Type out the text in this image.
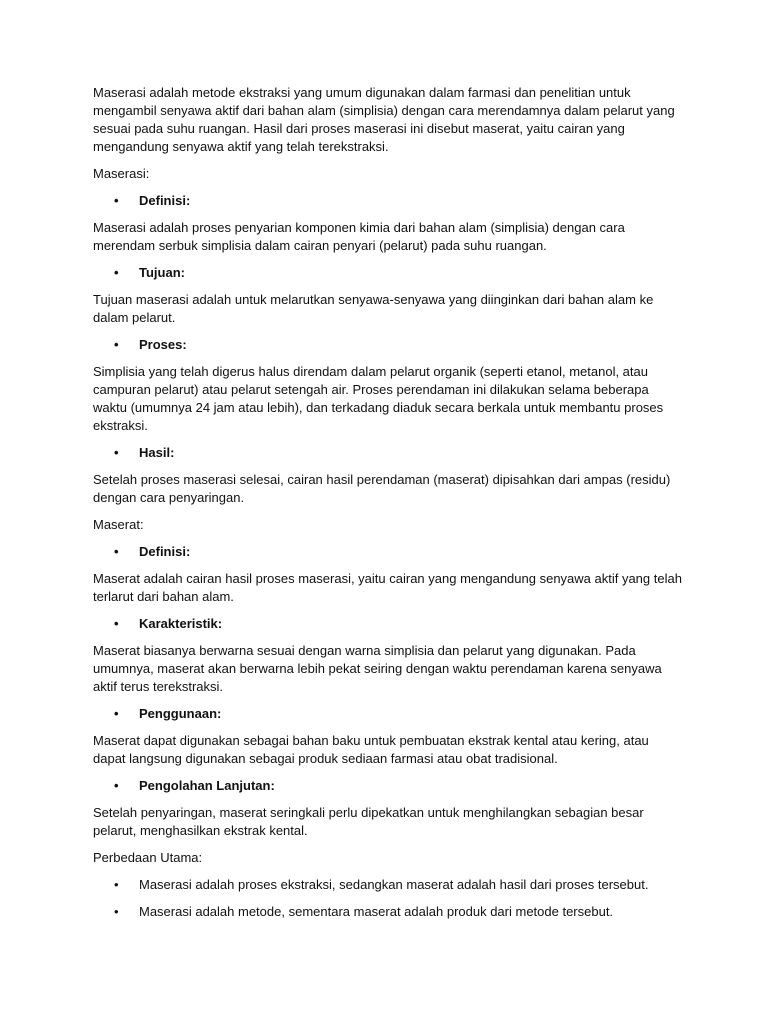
Maserasi adalah metode ekstraksi yang umum digunakan dalam farmasi dan penelitian untuk mengambil senyawa aktif dari bahan alam (simplisia) dengan cara merendamnya dalam pelarut yang sesuai pada suhu ruangan. Hasil dari proses maserasi ini disebut maserat, yaitu cairan yang mengandung senyawa aktif yang telah terekstraksi.

Maserasi:

• Definisi:

Maserasi adalah proses penyarian komponen kimia dari bahan alam (simplisia) dengan cara merendam serbuk simplisia dalam cairan penyari (pelarut) pada suhu ruangan.

• Tujuan:

Tujuan maserasi adalah untuk melarutkan senyawa-senyawa yang diinginkan dari bahan alam ke dalam pelarut.

• Proses:

Simplisia yang telah digerus halus direndam dalam pelarut organik (seperti etanol, metanol, atau campuran pelarut) atau pelarut setengah air. Proses perendaman ini dilakukan selama beberapa waktu (umumnya 24 jam atau lebih), dan terkadang diaduk secara berkala untuk membantu proses ekstraksi.

• Hasil:

Setelah proses maserasi selesai, cairan hasil perendaman (maserat) dipisahkan dari ampas (residu) dengan cara penyaringan.

Maserat:

• Definisi:

Maserat adalah cairan hasil proses maserasi, yaitu cairan yang mengandung senyawa aktif yang telah terlarut dari bahan alam.

• Karakteristik:

Maserat biasanya berwarna sesuai dengan warna simplisia dan pelarut yang digunakan. Pada umumnya, maserat akan berwarna lebih pekat seiring dengan waktu perendaman karena senyawa aktif terus terekstraksi.

• Penggunaan:

Maserat dapat digunakan sebagai bahan baku untuk pembuatan ekstrak kental atau kering, atau dapat langsung digunakan sebagai produk sediaan farmasi atau obat tradisional.

• Pengolahan Lanjutan:

Setelah penyaringan, maserat seringkali perlu dipekatkan untuk menghilangkan sebagian besar pelarut, menghasilkan ekstrak kental.

Perbedaan Utama:

• Maserasi adalah proses ekstraksi, sedangkan maserat adalah hasil dari proses tersebut.
• Maserasi adalah metode, sementara maserat adalah produk dari metode tersebut.
